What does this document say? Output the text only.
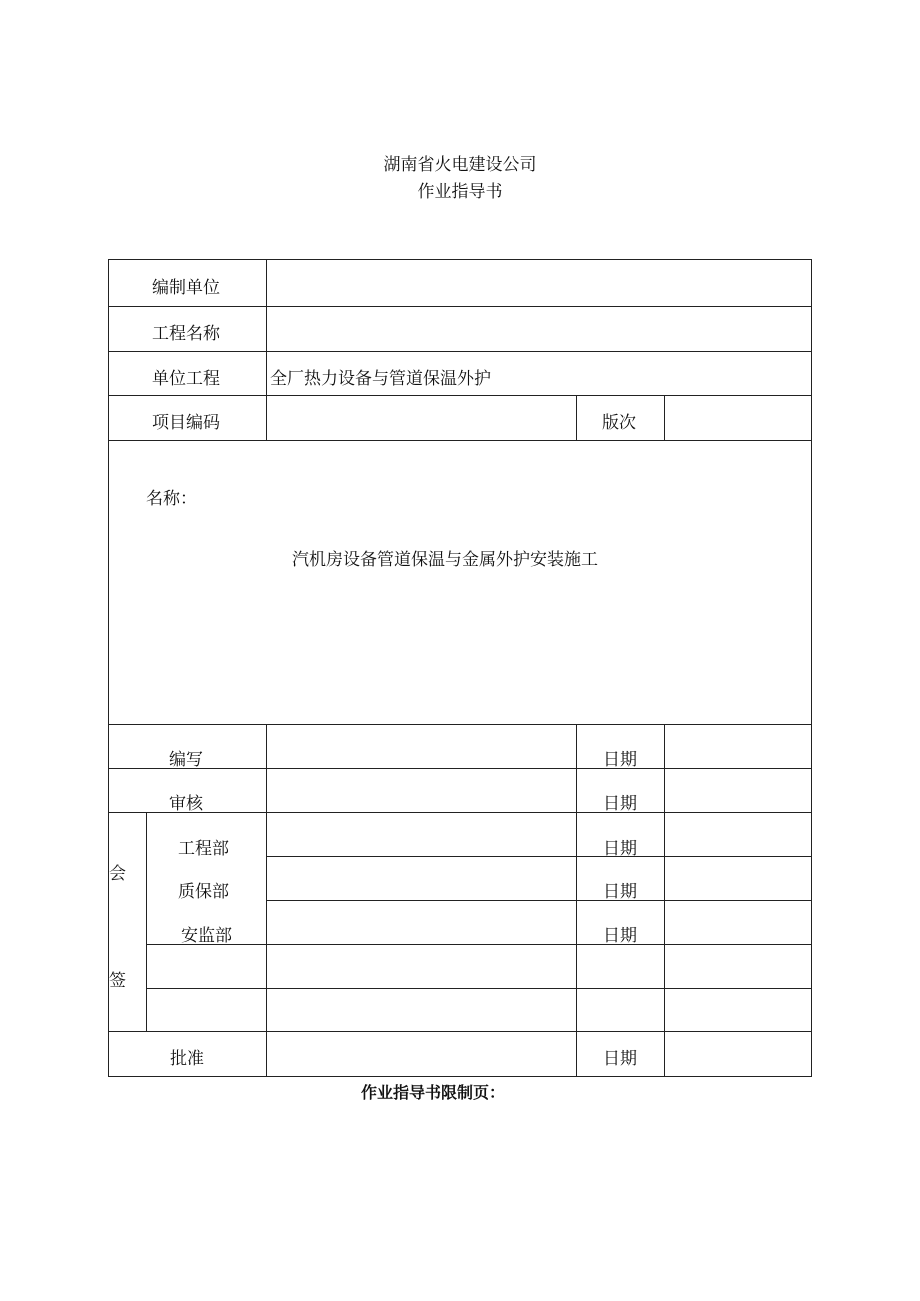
湖南省火电建设公司
作业指导书
编制单位
工程名称
单位工程	全厂热力设备与管道保温外护
项目编码	版次
名称：
汽机房设备管道保温与金属外护安装施工
编写	日期
审核	日期
会
签
工程部	日期
质保部	日期
安监部	日期
批准	日期
作业指导书限制页：
